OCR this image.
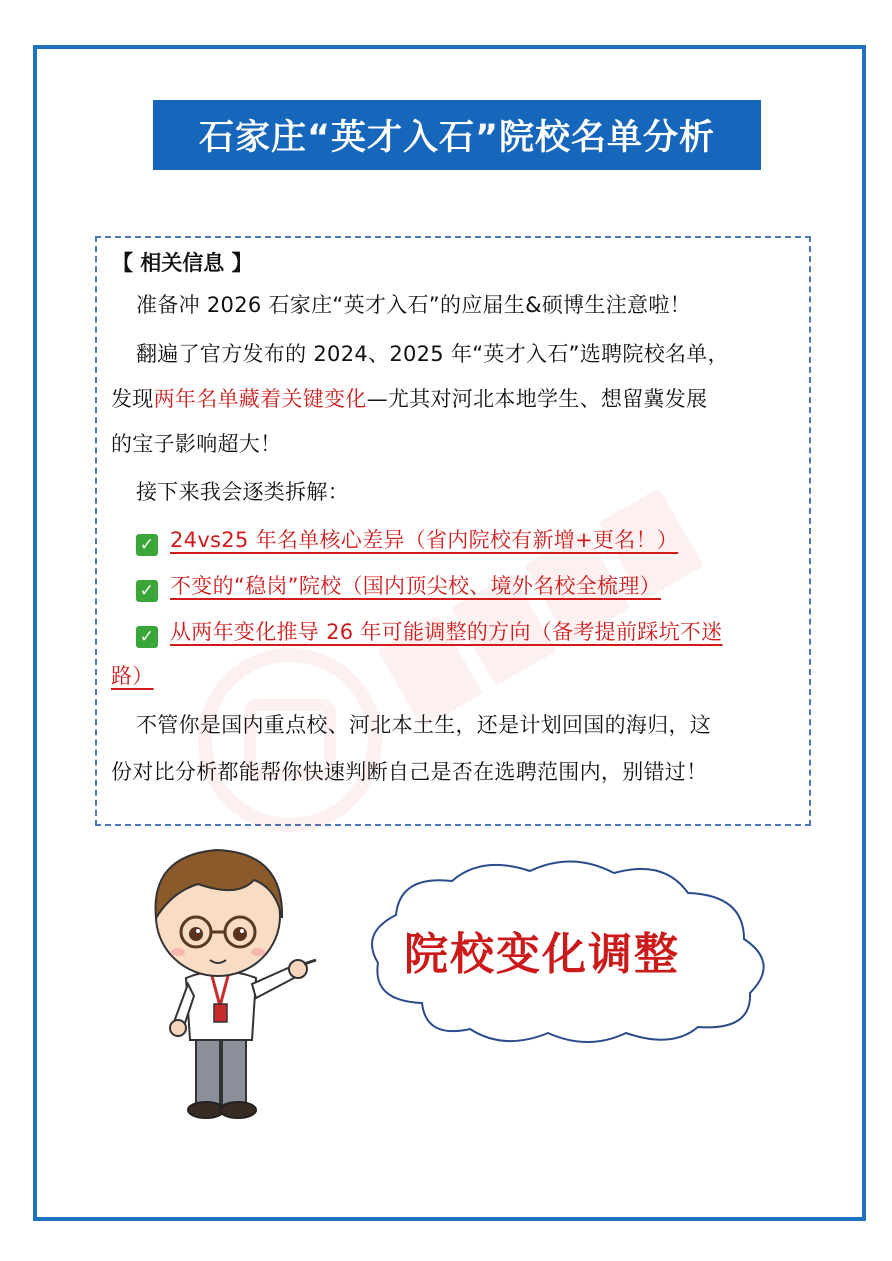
石家庄“英才入石”院校名单分析
【 相关信息 】
准备冲 2026 石家庄“英才入石”的应届生&硕博生注意啦！
翻遍了官方发布的 2024、2025 年“英才入石”选聘院校名单，
发现两年名单藏着关键变化—尤其对河北本地学生、想留冀发展
的宝子影响超大！
接下来我会逐类拆解：
✓ 24vs25 年名单核心差异（省内院校有新增+更名！）
✓ 不变的“稳岗”院校（国内顶尖校、境外名校全梳理）
✓ 从两年变化推导 26 年可能调整的方向（备考提前踩坑不迷
路）
不管你是国内重点校、河北本土生，还是计划回国的海归，这
份对比分析都能帮你快速判断自己是否在选聘范围内，别错过！
院校变化调整
